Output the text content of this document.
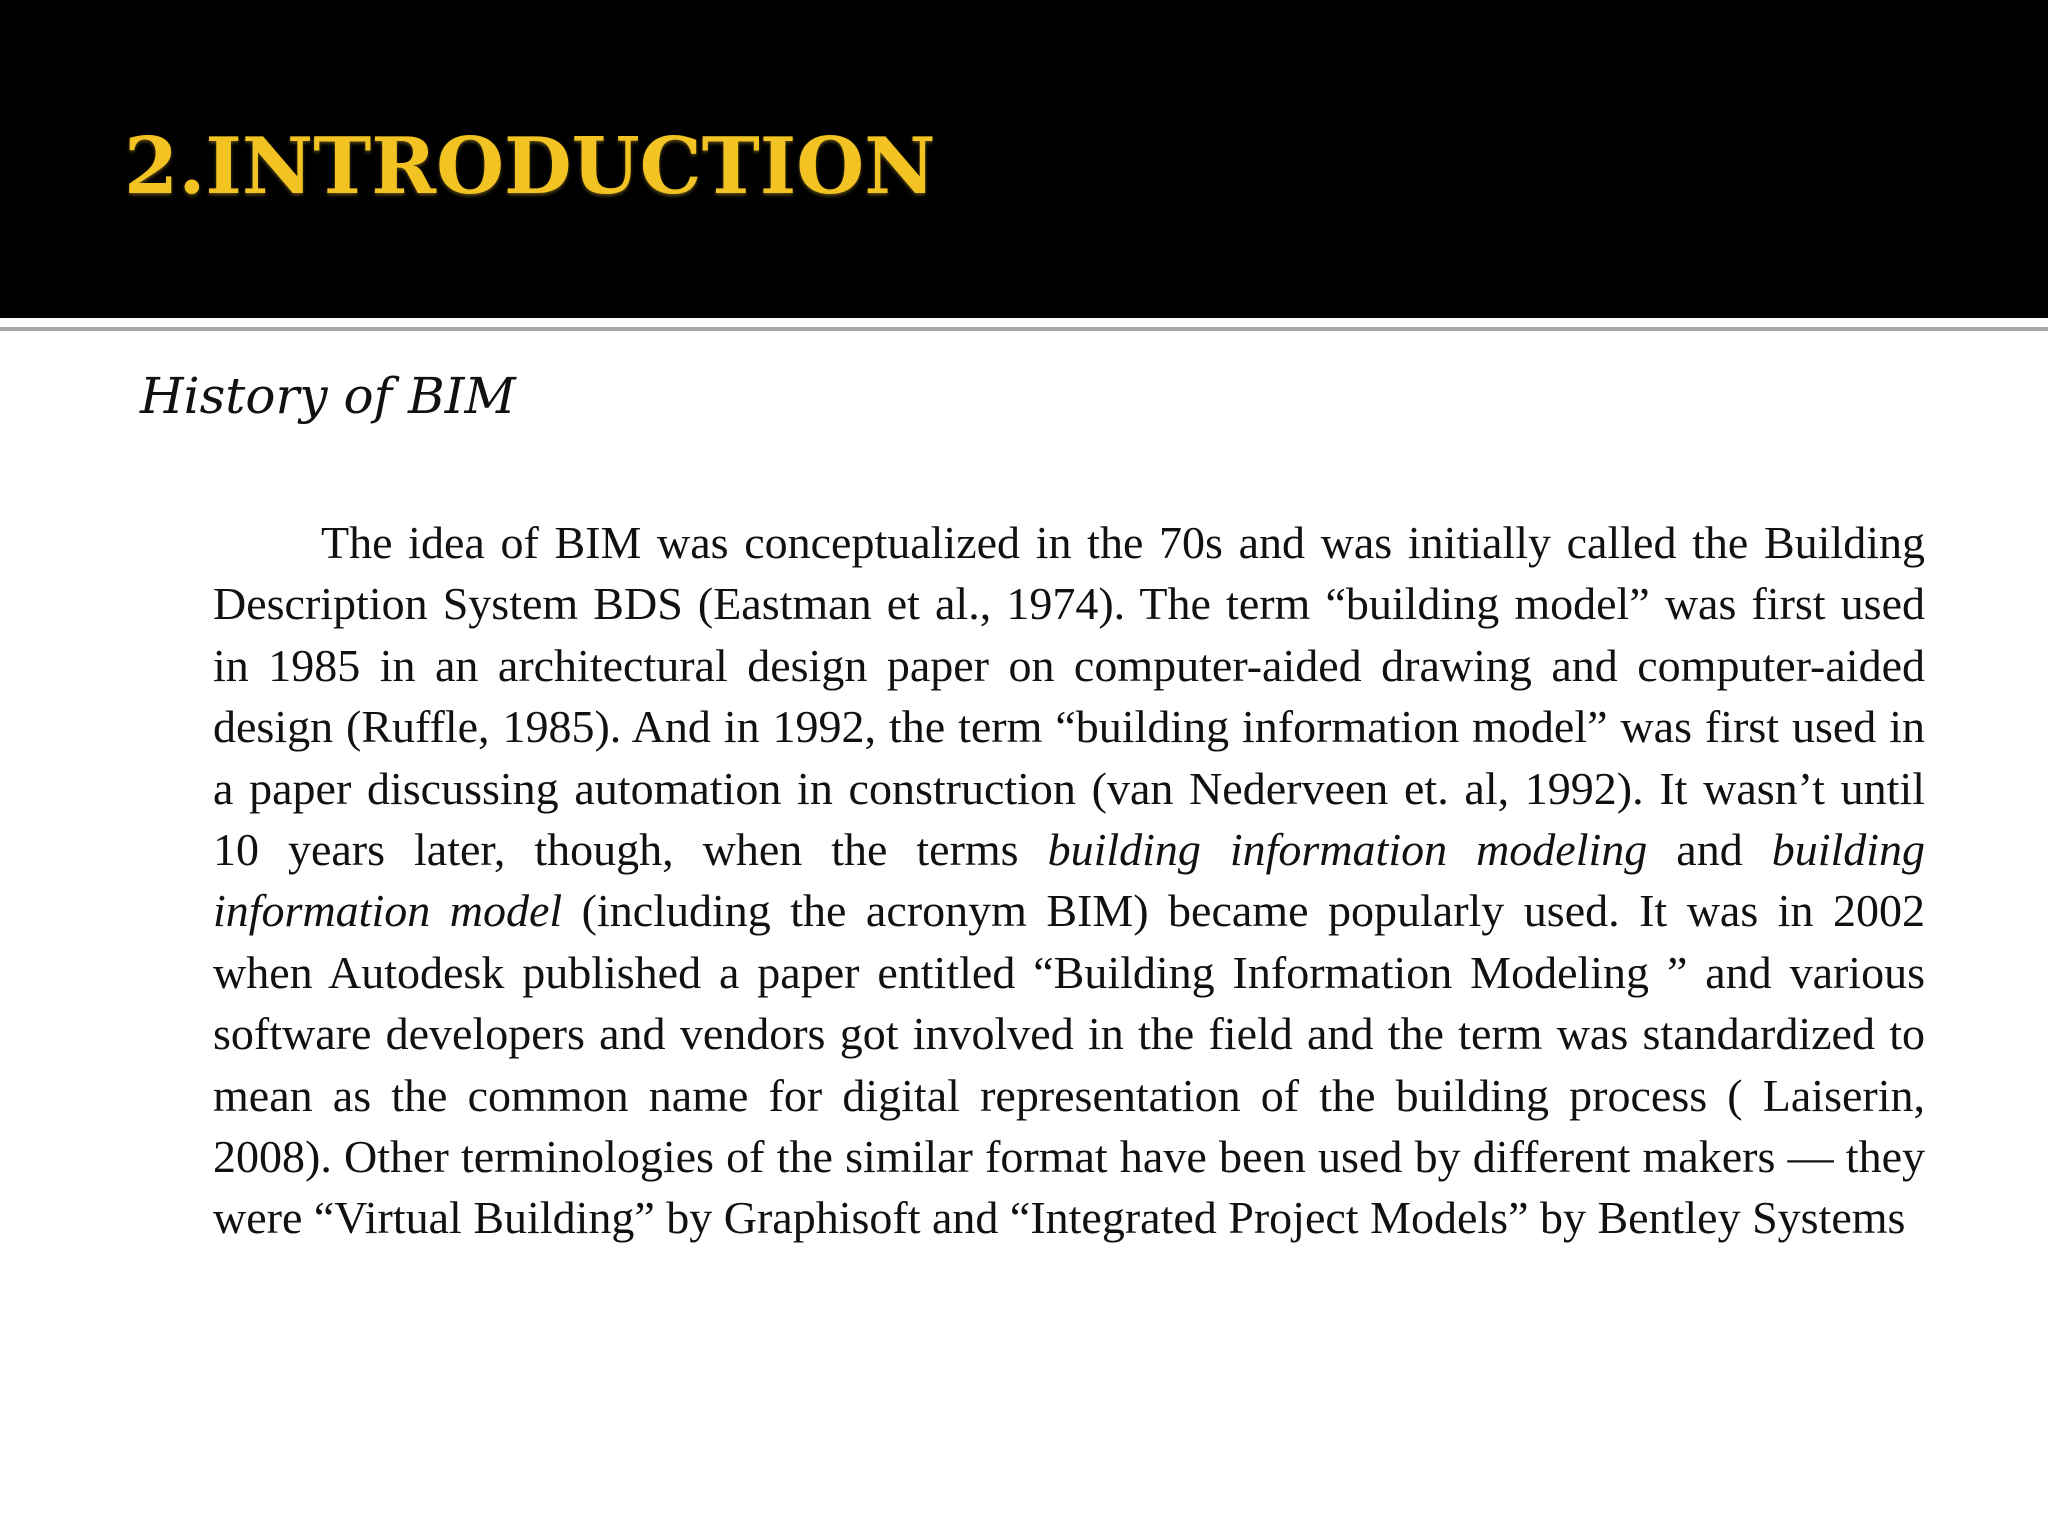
2.INTRODUCTION
History of BIM

The idea of BIM was conceptualized in the 70s and was initially called the Building Description System BDS (Eastman et al., 1974). The term “building model” was first used in 1985 in an architectural design paper on computer-aided drawing and computer-aided design (Ruffle, 1985). And in 1992, the term “building information model” was first used in a paper discussing automation in construction (van Nederveen et. al, 1992). It wasn’t until 10 years later, though, when the terms building information modeling and building information model (including the acronym BIM) became popularly used. It was in 2002 when Autodesk published a paper entitled “Building Information Modeling ” and various software developers and vendors got involved in the field and the term was standardized to mean as the common name for digital representation of the building process ( Laiserin, 2008). Other terminologies of the similar format have been used by different makers — they were “Virtual Building” by Graphisoft and “Integrated Project Models” by Bentley Systems
